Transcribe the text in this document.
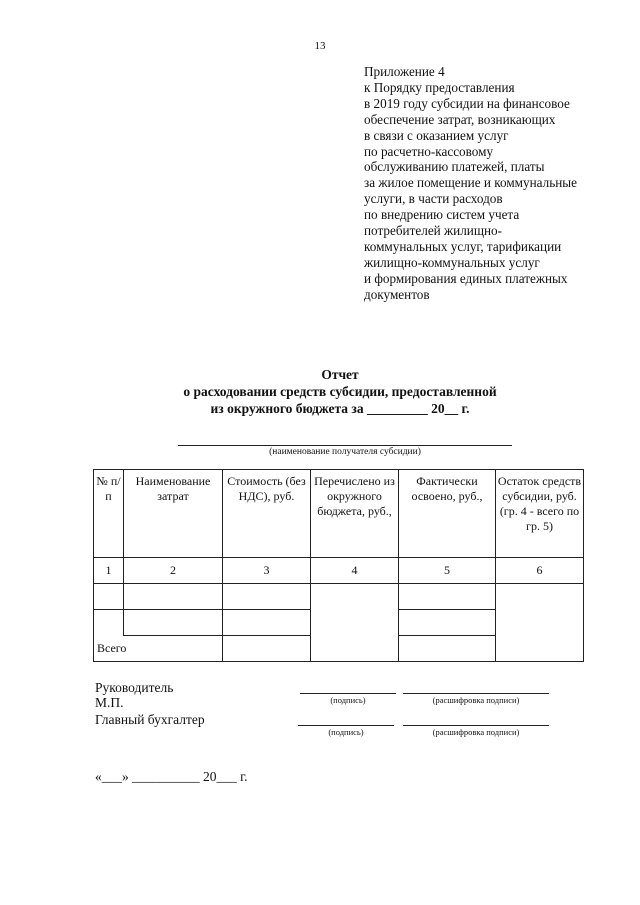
13
Приложение 4
к Порядку предоставления
в 2019 году субсидии на финансовое
обеспечение затрат, возникающих
в связи с оказанием услуг
по расчетно-кассовому
обслуживанию платежей, платы
за жилое помещение и коммунальные
услуги, в части расходов
по внедрению систем учета
потребителей жилищно-
коммунальных услуг, тарификации
жилищно-коммунальных услуг
и формирования единых платежных
документов
Отчет
о расходовании средств субсидии, предоставленной
из окружного бюджета за _________ 20__ г.
(наименование получателя субсидии)
№ п/п	Наименование затрат	Стоимость (без НДС), руб.	Перечислено из окружного бюджета, руб.,	Фактически освоено, руб.,	Остаток средств субсидии, руб. (гр. 4 - всего по гр. 5)
1	2	3	4	5	6

Всего					
Руководитель
М.П.
Главный бухгалтер
(подпись)	(расшифровка подписи)
(подпись)	(расшифровка подписи)
«___» __________ 20___ г.
